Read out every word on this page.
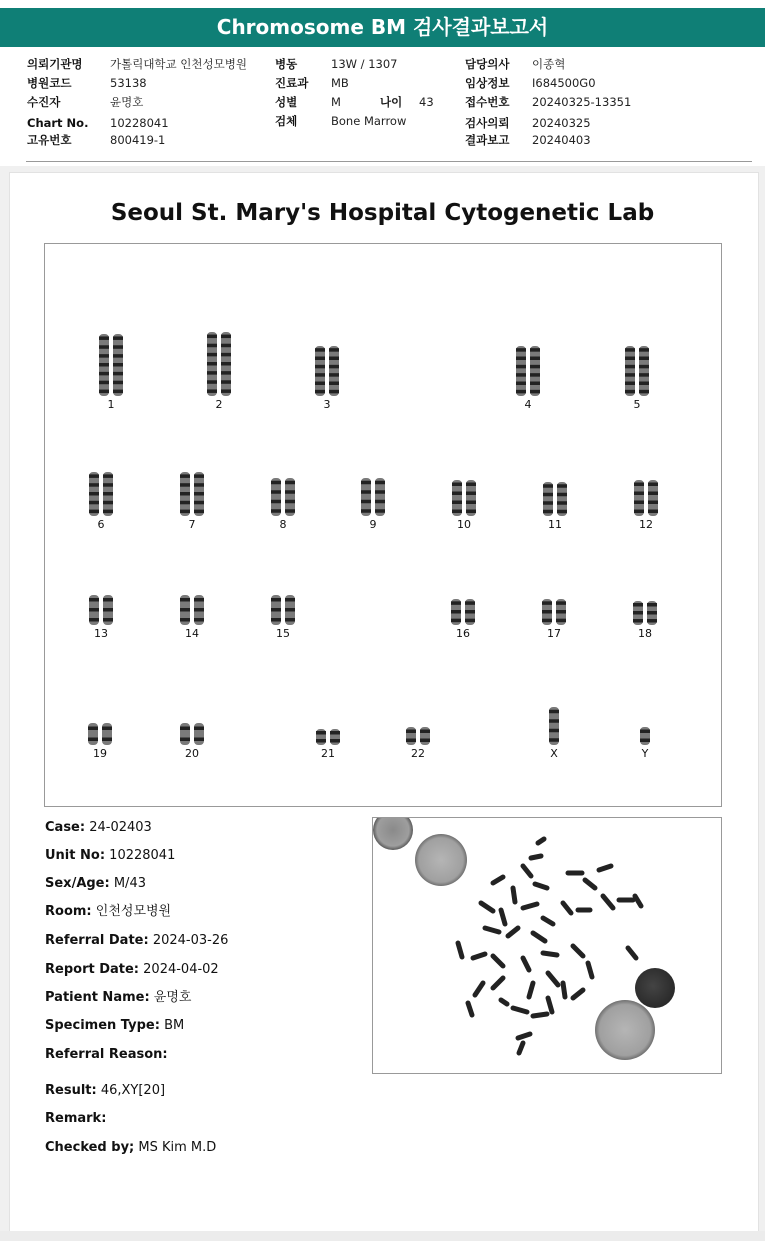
Chromosome BM 검사결과보고서
의뢰기관명 가톨릭대학교 인천성모병원
병원코드	53138
수진자	윤명호
Chart No. 10228041
고유번호	800419-1
병동	13W / 1307
진료과 MB
성별	M	나이 43
검체	Bone Marrow
담당의사 이종혁
임상정보 I684500G0
접수번호 20240325-13351
검사의뢰 20240325
결과보고 20240403
Seoul St. Mary's Hospital Cytogenetic Lab
1	2	3	4	5
6	7	8	9	10	11	12
13	14	15	16	17	18
19	20	21	22	X	Y
Case: 24-02403
Unit No: 10228041
Sex/Age: M/43
Room: 인천성모병원
Referral Date: 2024-03-26
Report Date: 2024-04-02
Patient Name: 윤명호
Specimen Type: BM
Referral Reason:
Result: 46,XY[20]
Remark:
Checked by; MS Kim M.D
